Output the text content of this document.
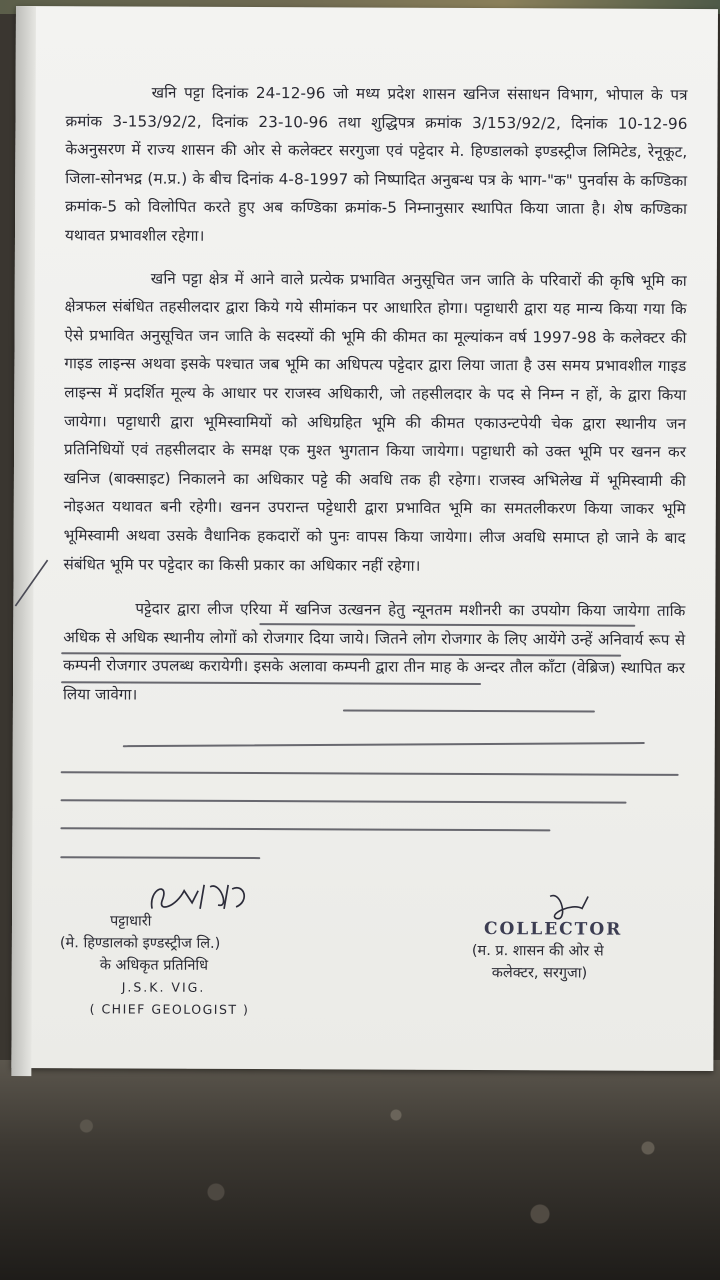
खनि पट्टा दिनांक 24-12-96 जो मध्य प्रदेश शासन खनिज संसाधन विभाग, भोपाल के पत्र क्रमांक 3-153/92/2, दिनांक 23-10-96 तथा शुद्धिपत्र क्रमांक 3/153/92/2, दिनांक 10-12-96 केअनुसरण में राज्य शासन की ओर से कलेक्टर सरगुजा एवं पट्टेदार मे. हिण्डालको इण्डस्ट्रीज लिमिटेड, रेनूकूट, जिला-सोनभद्र (म.प्र.) के बीच दिनांक 4-8-1997 को निष्पादित अनुबन्ध पत्र के भाग-"क" पुनर्वास के कण्डिका क्रमांक-5 को विलोपित करते हुए अब कण्डिका क्रमांक-5 निम्नानुसार स्थापित किया जाता है। शेष कण्डिका यथावत प्रभावशील रहेगा।

खनि पट्टा क्षेत्र में आने वाले प्रत्येक प्रभावित अनुसूचित जन जाति के परिवारों की कृषि भूमि का क्षेत्रफल संबंधित तहसीलदार द्वारा किये गये सीमांकन पर आधारित होगा। पट्टाधारी द्वारा यह मान्य किया गया कि ऐसे प्रभावित अनुसूचित जन जाति के सदस्यों की भूमि की कीमत का मूल्यांकन वर्ष 1997-98 के कलेक्टर की गाइड लाइन्स अथवा इसके पश्चात जब भूमि का अधिपत्य पट्टेदार द्वारा लिया जाता है उस समय प्रभावशील गाइड लाइन्स में प्रदर्शित मूल्य के आधार पर राजस्व अधिकारी, जो तहसीलदार के पद से निम्न न हों, के द्वारा किया जायेगा। पट्टाधारी द्वारा भूमिस्वामियों को अधिग्रहित भूमि की कीमत एकाउन्टपेयी चेक द्वारा स्थानीय जन प्रतिनिधियों एवं तहसीलदार के समक्ष एक मुश्त भुगतान किया जायेगा। पट्टाधारी को उक्त भूमि पर खनन कर खनिज (बाक्साइट) निकालने का अधिकार पट्टे की अवधि तक ही रहेगा। राजस्व अभिलेख में भूमिस्वामी की नोइअत यथावत बनी रहेगी। खनन उपरान्त पट्टेधारी द्वारा प्रभावित भूमि का समतलीकरण किया जाकर भूमि भूमिस्वामी अथवा उसके वैधानिक हकदारों को पुनः वापस किया जायेगा। लीज अवधि समाप्त हो जाने के बाद संबंधित भूमि पर पट्टेदार का किसी प्रकार का अधिकार नहीं रहेगा।

पट्टेदार द्वारा लीज एरिया में खनिज उत्खनन हेतु न्यूनतम मशीनरी का उपयोग किया जायेगा ताकि अधिक से अधिक स्थानीय लोगों को रोजगार दिया जाये। जितने लोग रोजगार के लिए आयेंगे उन्हें अनिवार्य रूप से कम्पनी रोजगार उपलब्ध करायेगी। इसके अलावा कम्पनी द्वारा तीन माह के अन्दर तौल काँटा (वेब्रिज) स्थापित कर लिया जावेगा।

पट्टाधारी
(मे. हिण्डालको इण्डस्ट्रीज लि.)
के अधिकृत प्रतिनिधि
J.S.K. VIG.
( CHIEF GEOLOGIST )
COLLECTOR
(म. प्र. शासन की ओर से
कलेक्टर, सरगुजा)
